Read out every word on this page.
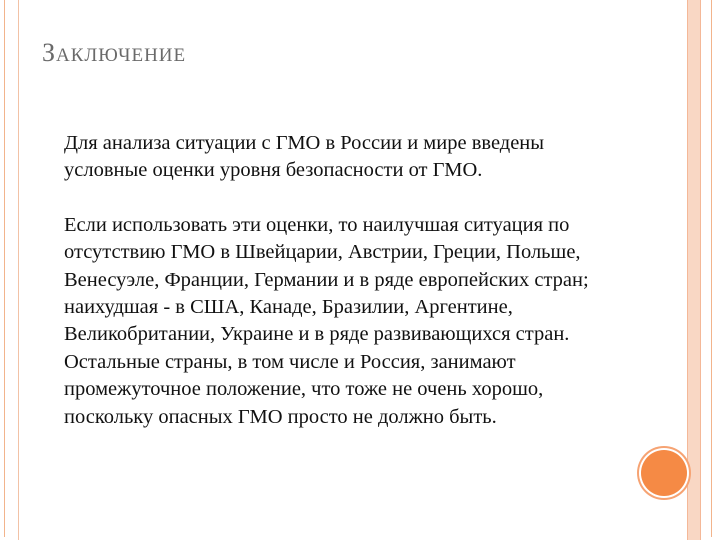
ЗАКЛЮЧЕНИЕ

Для анализа ситуации с ГМО в России и мире введены условные оценки уровня безопасности от ГМО.

Если использовать эти оценки, то наилучшая ситуация по отсутствию ГМО в Швейцарии, Австрии, Греции, Польше, Венесуэле, Франции, Германии и в ряде европейских стран; наихудшая - в США, Канаде, Бразилии, Аргентине, Великобритании, Украине и в ряде развивающихся стран. Остальные страны, в том числе и Россия, занимают промежуточное положение, что тоже не очень хорошо, поскольку опасных ГМО просто не должно быть.
